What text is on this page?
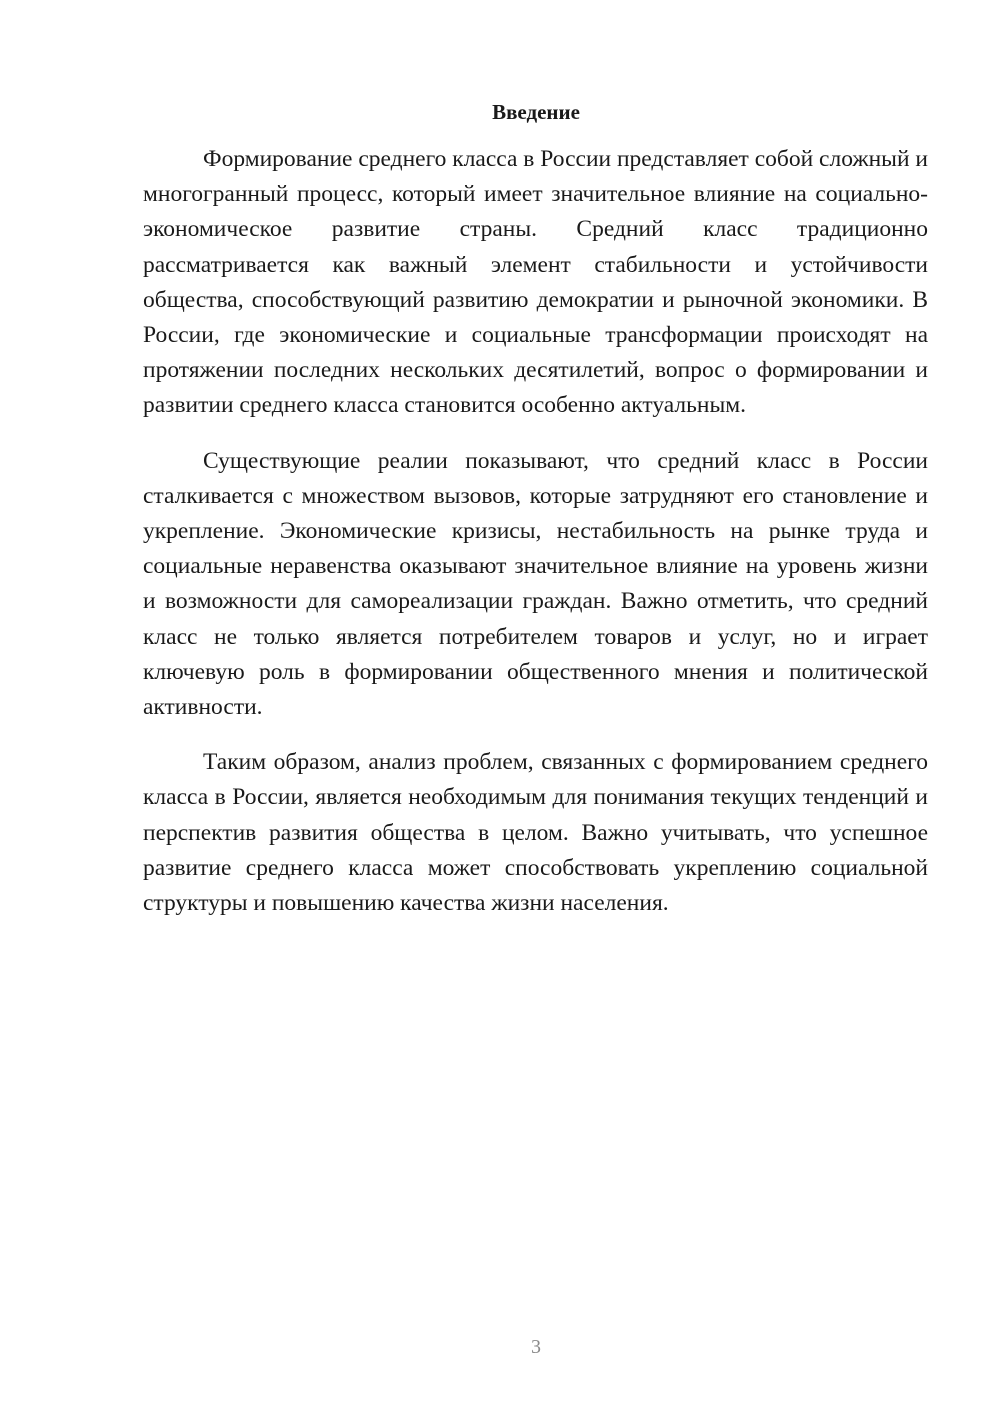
Введение

Формирование среднего класса в России представляет собой сложный и многогранный процесс, который имеет значительное влияние на социально-экономическое развитие страны. Средний класс традиционно рассматривается как важный элемент стабильности и устойчивости общества, способствующий развитию демократии и рыночной экономики. В России, где экономические и социальные трансформации происходят на протяжении последних нескольких десятилетий, вопрос о формировании и развитии среднего класса становится особенно актуальным.

Существующие реалии показывают, что средний класс в России сталкивается с множеством вызовов, которые затрудняют его становление и укрепление. Экономические кризисы, нестабильность на рынке труда и социальные неравенства оказывают значительное влияние на уровень жизни и возможности для самореализации граждан. Важно отметить, что средний класс не только является потребителем товаров и услуг, но и играет ключевую роль в формировании общественного мнения и политической активности.

Таким образом, анализ проблем, связанных с формированием среднего класса в России, является необходимым для понимания текущих тенденций и перспектив развития общества в целом. Важно учитывать, что успешное развитие среднего класса может способствовать укреплению социальной структуры и повышению качества жизни населения.

3
